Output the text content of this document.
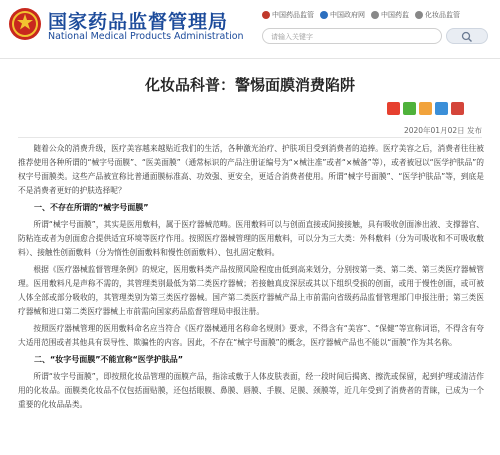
国家药品监督管理局
National Medical Products Administration
中国药品监管 中国政府网 中国药监 化妆品监管
请输入关键字
化妆品科普：警惕面膜消费陷阱
2020年01月02日 发布

随着公众的消费升级，医疗美容越来越贴近我们的生活，各种激光治疗、护肤项目受到消费者的追捧。医疗美容之后，消费者往往被推荐使用各种所谓的“械字号面膜”、“医美面膜”（通常标识的产品注册证编号为“×械注准”或者“×械备”等），或者被冠以“医学护肤品”的权字号面膜类。这些产品被宣称比普通面膜标准高、功效强、更安全，更适合消费者使用。所谓“械字号面膜”、“医学护肤品”等，到底是不是消费者更好的护肤选择呢？

一、不存在所谓的“械字号面膜”

所谓“械字号面膜”，其实是医用敷料，属于医疗器械范畴。医用敷料可以与创面直接或间接接触，具有吸收创面渗出液、支撑器官、防粘连或者为创面愈合提供适宜环境等医疗作用。按照医疗器械管理的医用敷料，可以分为三大类：外科敷料（分为可吸收和不可吸收敷料）、接触性创面敷料（分为惰性创面敷料和慢性创面敷料）、包扎固定敷料。

根据《医疗器械监督管理条例》的规定，医用敷料类产品按照风险程度由低到高来划分，分别按第一类、第二类、第三类医疗器械管理。医用敷料凡是声称不需的，其管理类别最低为第二类医疗器械；若接触真皮深层或其以下组织受损的创面，或用于慢性创面，或可被人体全部或部分吸收的，其管理类别为第三类医疗器械。国产第二类医疗器械产品上市前需向省级药品监督管理部门申报注册；第三类医疗器械和进口第二类医疗器械上市前需向国家药品监督管理局申报注册。

按照医疗器械管理的医用敷料命名应当符合《医疗器械通用名称命名规则》要求，不得含有“美容”、“保健”等宣称词语，不得含有夸大适用范围或者其他具有误导性、欺骗性的内容。因此，不存在“械字号面膜”的概念，医疗器械产品也不能以“面膜”作为其名称。

二、“妆字号面膜”不能宣称“医学护肤品”

所谓“妆字号面膜”，即按照化妆品管理的面膜产品，指涂或敷于人体皮肤表面，经一段时间后揭离、擦洗或保留，起到护理或清洁作用的化妆品。面膜类化妆品不仅包括面贴膜，还包括眼膜、鼻膜、唇膜、手膜、足膜、颈膜等，近几年受到了消费者的青睐，已成为一个重要的化妆品品类。
